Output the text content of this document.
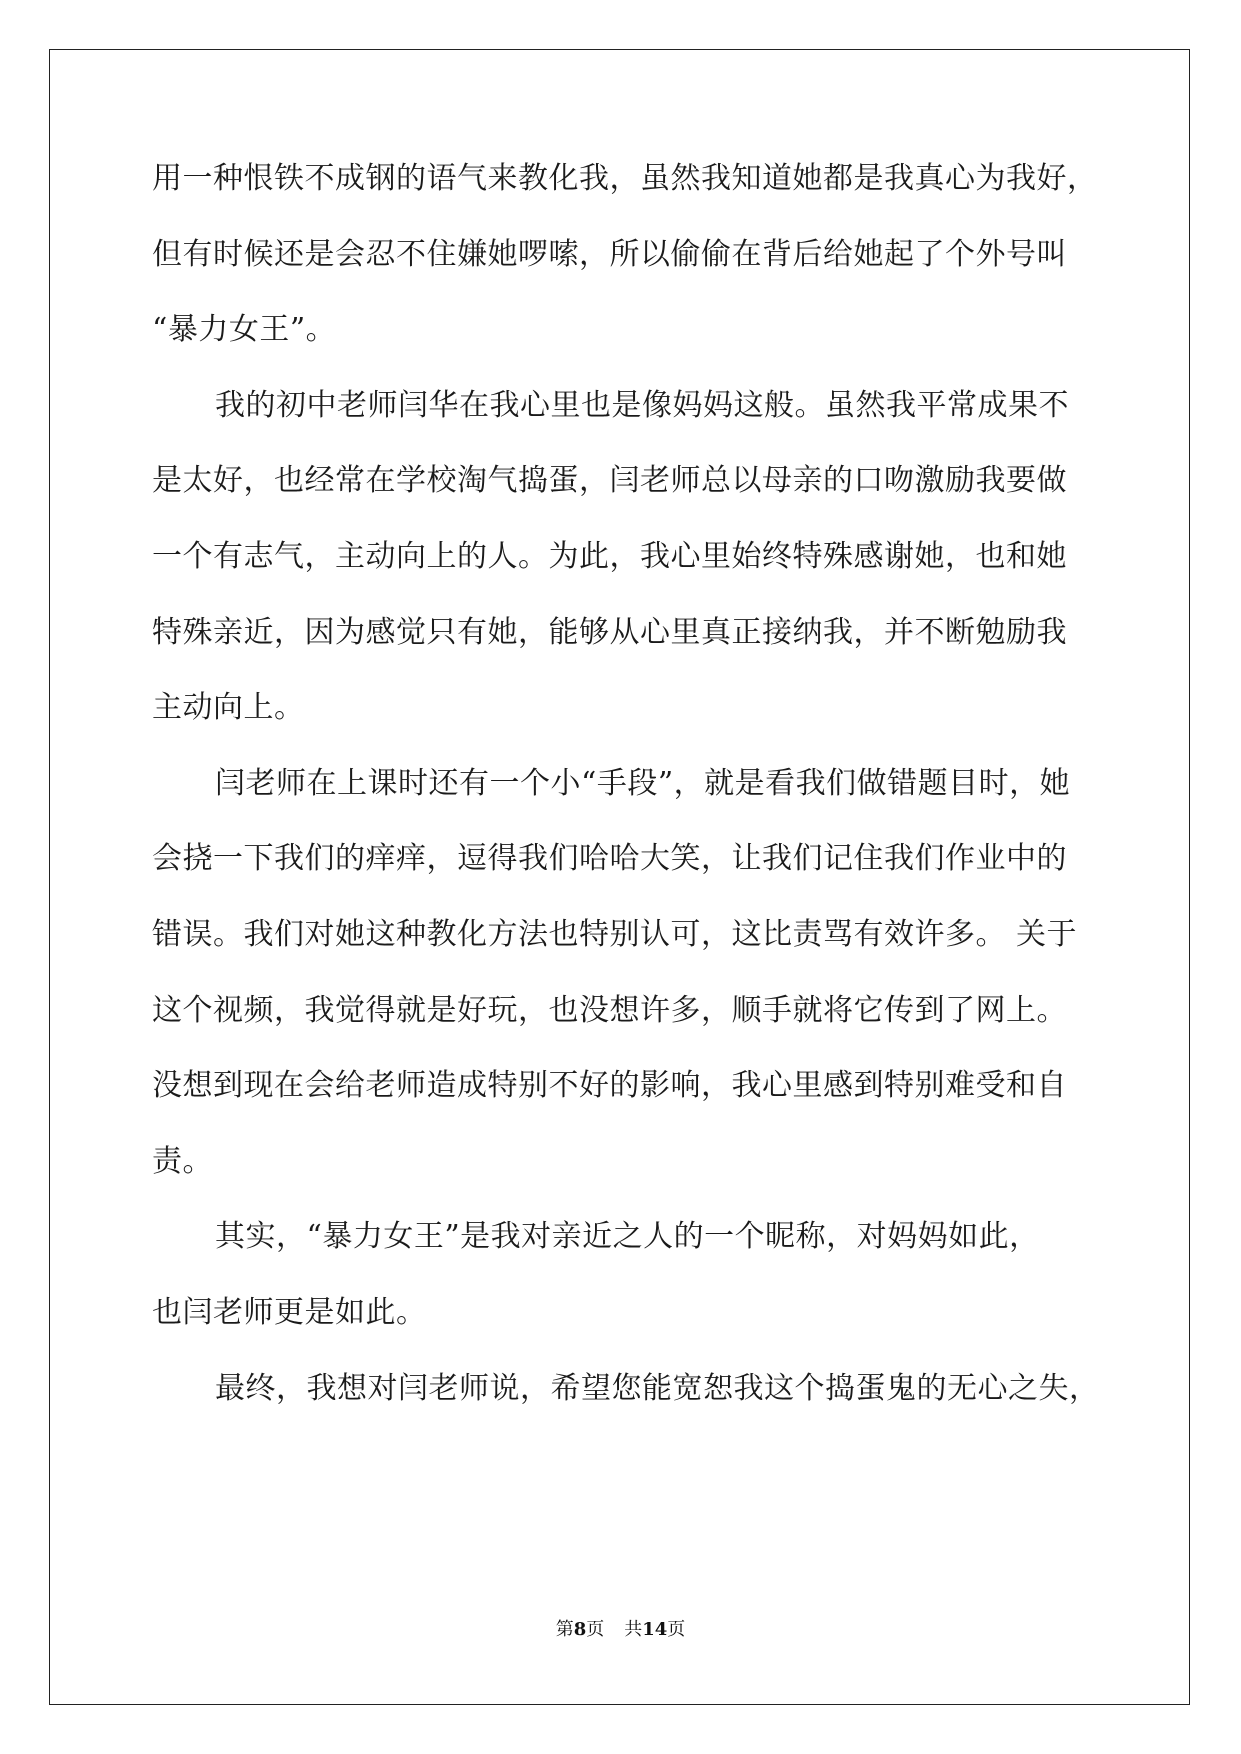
用一种恨铁不成钢的语气来教化我，虽然我知道她都是我真心为我好，
但有时候还是会忍不住嫌她啰嗦，所以偷偷在背后给她起了个外号叫
“暴力女王”。
我的初中老师闫华在我心里也是像妈妈这般。虽然我平常成果不
是太好，也经常在学校淘气捣蛋，闫老师总以母亲的口吻激励我要做
一个有志气，主动向上的人。为此，我心里始终特殊感谢她，也和她
特殊亲近，因为感觉只有她，能够从心里真正接纳我，并不断勉励我
主动向上。
闫老师在上课时还有一个小“手段”，就是看我们做错题目时，她
会挠一下我们的痒痒，逗得我们哈哈大笑，让我们记住我们作业中的
错误。我们对她这种教化方法也特别认可，这比责骂有效许多。 关于
这个视频，我觉得就是好玩，也没想许多，顺手就将它传到了网上。
没想到现在会给老师造成特别不好的影响，我心里感到特别难受和自
责。
其实，“暴力女王”是我对亲近之人的一个昵称，对妈妈如此，
也闫老师更是如此。
最终，我想对闫老师说，希望您能宽恕我这个捣蛋鬼的无心之失，
第8页 共14页
